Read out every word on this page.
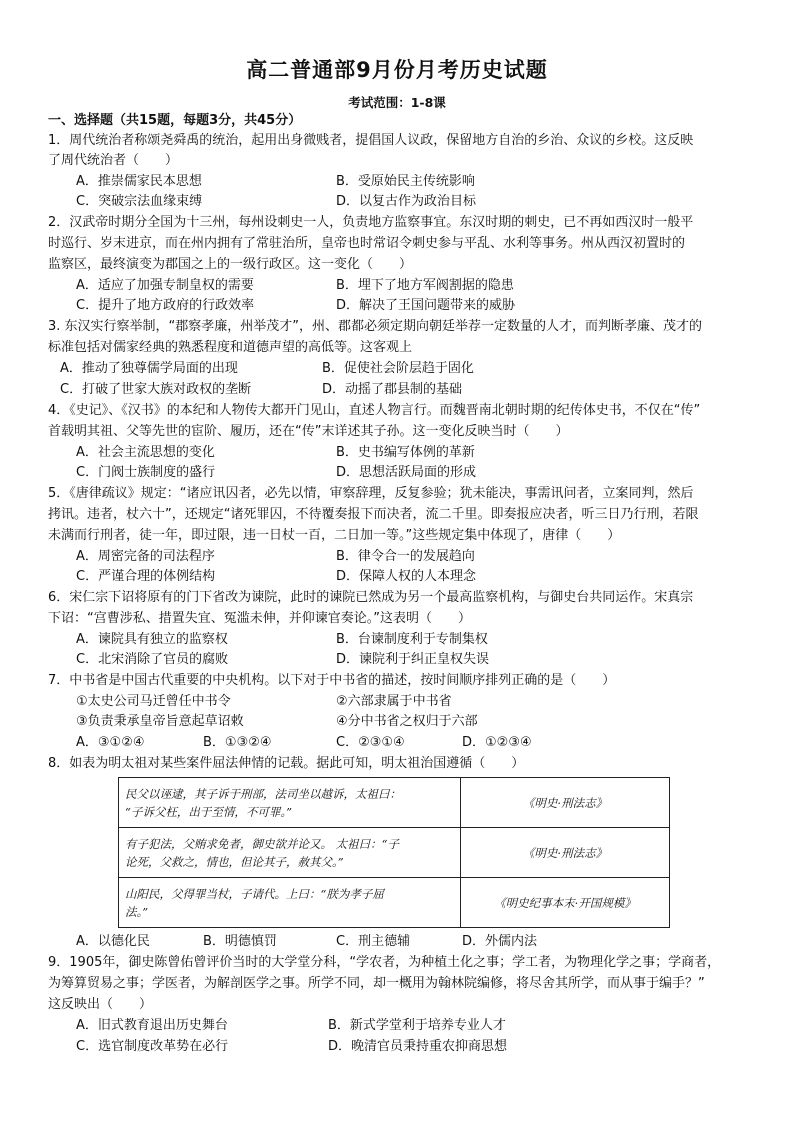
高二普通部9月份月考历史试题
考试范围：1-8课
一、选择题（共15题，每题3分，共45分）
1．周代统治者称颂尧舜禹的统治，起用出身微贱者，提倡国人议政，保留地方自治的乡治、众议的乡校。这反映
了周代统治者（　　）
A．推崇儒家民本思想	B．受原始民主传统影响
C．突破宗法血缘束缚	D．以复古作为政治目标
2．汉武帝时期分全国为十三州，每州设刺史一人，负责地方监察事宜。东汉时期的刺史，已不再如西汉时一般平
时巡行、岁末进京，而在州内拥有了常驻治所，皇帝也时常诏令刺史参与平乱、水利等事务。州从西汉初置时的
监察区，最终演变为郡国之上的一级行政区。这一变化（　　）
A．适应了加强专制皇权的需要	B．埋下了地方军阀割据的隐患
C．提升了地方政府的行政效率	D．解决了王国问题带来的威胁
3. 东汉实行察举制，“郡察孝廉，州举茂才”，州、郡都必须定期向朝廷举荐一定数量的人才，而判断孝廉、茂才的
标准包括对儒家经典的熟悉程度和道德声望的高低等。这客观上
A．推动了独尊儒学局面的出现	B．促使社会阶层趋于固化
C．打破了世家大族对政权的垄断	D．动摇了郡县制的基础
4．《史记》、《汉书》的本纪和人物传大都开门见山，直述人物言行。而魏晋南北朝时期的纪传体史书，不仅在“传”
首载明其祖、父等先世的宦阶、履历，还在“传”末详述其子孙。这一变化反映当时（　　）
A．社会主流思想的变化	B．史书编写体例的革新
C．门阀士族制度的盛行	D．思想活跃局面的形成
5．《唐律疏议》规定：“诸应讯囚者，必先以情，审察辞理，反复参验；犹未能决，事需讯问者，立案同判，然后
拷讯。违者，杖六十”，还规定“诸死罪囚，不待覆奏报下而决者，流二千里。即奏报应决者，听三日乃行刑，若限
未满而行刑者，徒一年，即过限，违一日杖一百，二日加一等。”这些规定集中体现了，唐律（　　）
A．周密完备的司法程序	B．律令合一的发展趋向
C．严谨合理的体例结构	D．保障人权的人本理念
6．宋仁宗下诏将原有的门下省改为谏院，此时的谏院已然成为另一个最高监察机构，与御史台共同运作。宋真宗
下诏：“宫曹涉私、措置失宜、冤滥未伸，并仰谏官奏论。”这表明（　　）
A．谏院具有独立的监察权	B．台谏制度利于专制集权
C．北宋消除了官员的腐败	D．谏院利于纠正皇权失误
7．中书省是中国古代重要的中央机构。以下对于中书省的描述，按时间顺序排列正确的是（　　）
①太史公司马迁曾任中书令	②六部隶属于中书省
③负责秉承皇帝旨意起草诏敕	④分中书省之权归于六部
A．③①②④	B．①③②④	C．②③①④	D．①②③④
8．如表为明太祖对某些案件屈法伸情的记载。据此可知，明太祖治国遵循（　　）
民父以诬逮，其子诉于刑部，法司坐以越诉，太祖曰：
“子诉父枉，出于至情，不可罪。”	《明史·刑法志》
有子犯法，父贿求免者，御史欲并论又。 太祖曰：“子
论死，父救之，情也，但论其子，赦其父。”	《明史·刑法志》
山阳民，父得罪当杖，子请代。上曰：“朕为孝子屈
法。”	《明史纪事本末·开国规模》
A．以德化民	B．明德慎罚	C．刑主德辅	D．外儒内法
9．1905年，御史陈曾佑曾评价当时的大学堂分科，“学农者，为种植土化之事；学工者，为物理化学之事；学商者，
为筹算贸易之事；学医者，为解剖医学之事。所学不同，却一概用为翰林院编修，将尽舍其所学，而从事于编手？”
这反映出（　　）
A．旧式教育退出历史舞台	B．新式学堂利于培养专业人才
C．选官制度改革势在必行	D．晚清官员秉持重农抑商思想
